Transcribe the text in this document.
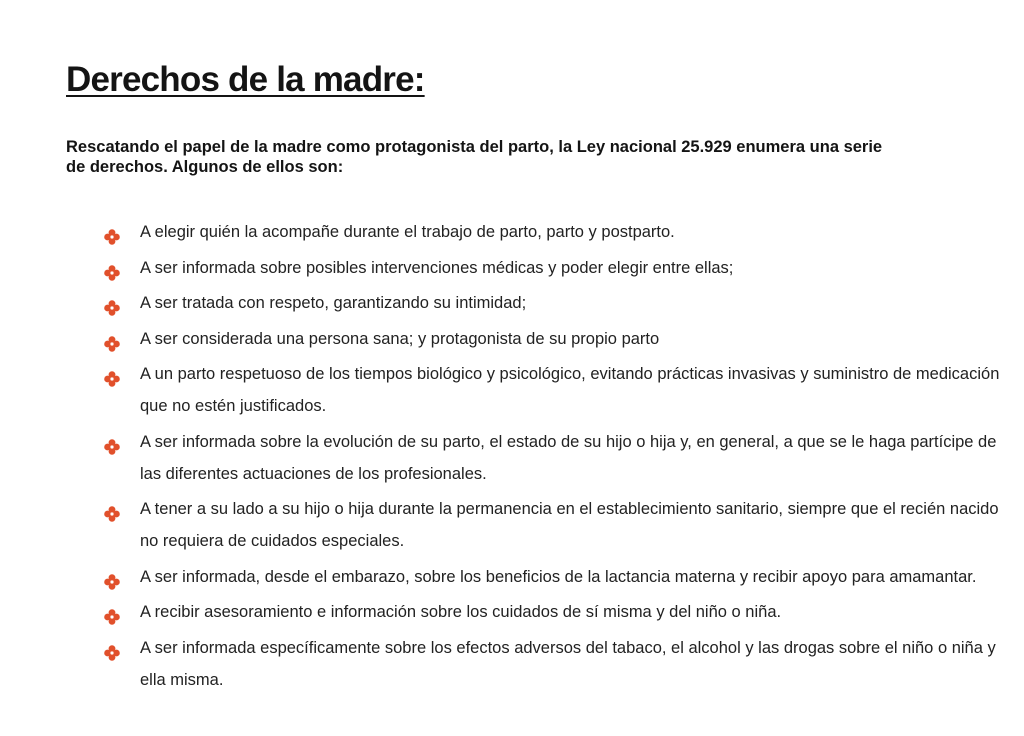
Derechos de la madre:

Rescatando el papel de la madre como protagonista del parto, la Ley nacional 25.929 enumera una serie de derechos. Algunos de ellos son:

A elegir quién la acompañe durante el trabajo de parto, parto y postparto.
A ser informada sobre posibles intervenciones médicas y poder elegir entre ellas;
A ser tratada con respeto, garantizando su intimidad;
A ser considerada una persona sana; y protagonista de su propio parto
A un parto respetuoso de los tiempos biológico y psicológico, evitando prácticas invasivas y suministro de medicación que no estén justificados.
A ser informada sobre la evolución de su parto, el estado de su hijo o hija y, en general, a que se le haga partícipe de las diferentes actuaciones de los profesionales.
A tener a su lado a su hijo o hija durante la permanencia en el establecimiento sanitario, siempre que el recién nacido no requiera de cuidados especiales.
A ser informada, desde el embarazo, sobre los beneficios de la lactancia materna y recibir apoyo para amamantar.
A recibir asesoramiento e información sobre los cuidados de sí misma y del niño o niña.
A ser informada específicamente sobre los efectos adversos del tabaco, el alcohol y las drogas sobre el niño o niña y ella misma.
